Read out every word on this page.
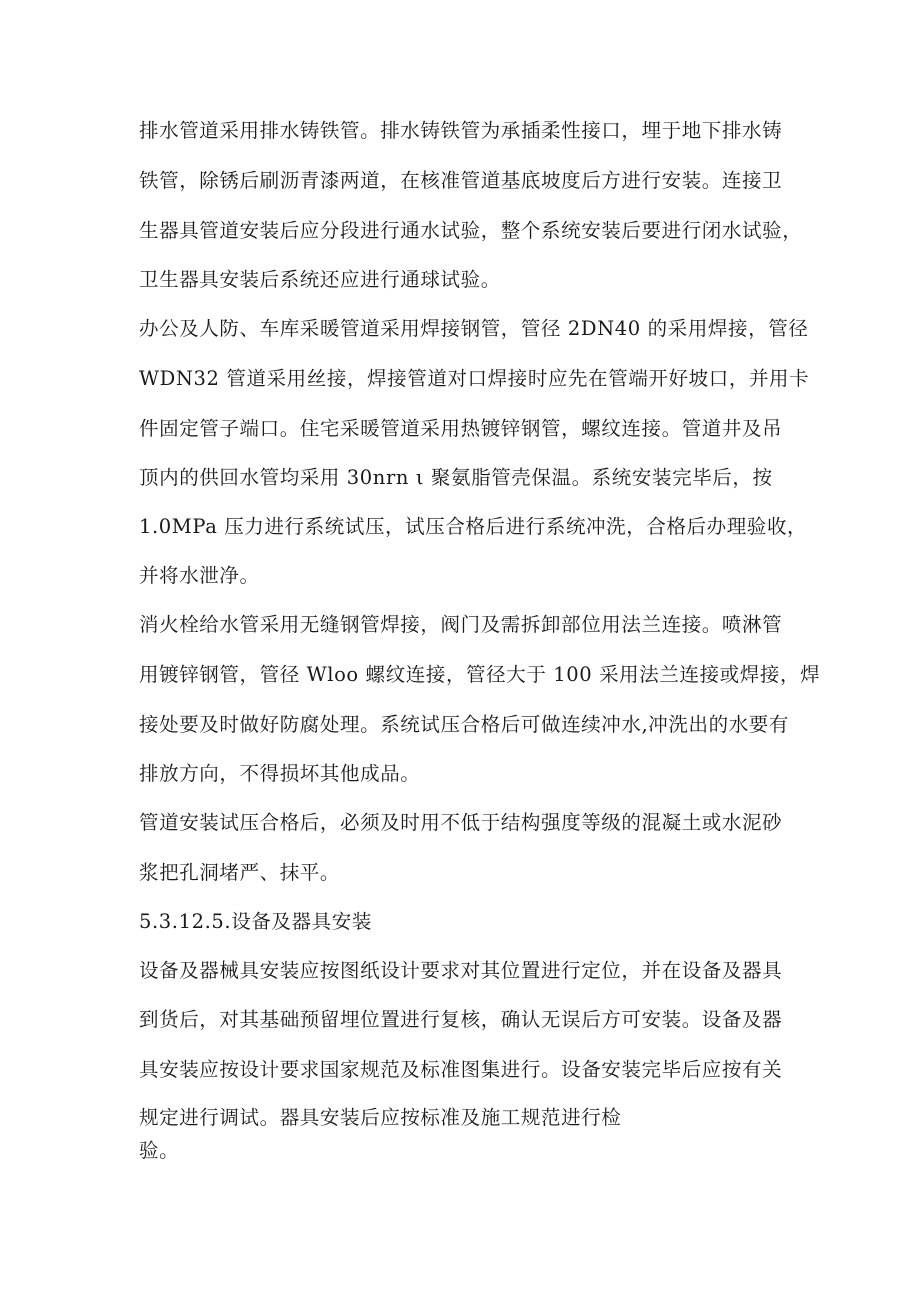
排水管道采用排水铸铁管。排水铸铁管为承插柔性接口，埋于地下排水铸
铁管，除锈后刷沥青漆两道，在核准管道基底坡度后方进行安装。连接卫
生器具管道安装后应分段进行通水试验，整个系统安装后要进行闭水试验，
卫生器具安装后系统还应进行通球试验。
办公及人防、车库采暖管道采用焊接钢管，管径 2DN40 的采用焊接，管径
WDN32 管道采用丝接，焊接管道对口焊接时应先在管端开好坡口，并用卡
件固定管子端口。住宅采暖管道采用热镀锌钢管，螺纹连接。管道井及吊
顶内的供回水管均采用 30nrn ι 聚氨脂管壳保温。系统安装完毕后，按
1.0MPa 压力进行系统试压，试压合格后进行系统冲洗，合格后办理验收，
并将水泄净。
消火栓给水管采用无缝钢管焊接，阀门及需拆卸部位用法兰连接。喷淋管
用镀锌钢管，管径 Wloo 螺纹连接，管径大于 100 采用法兰连接或焊接，焊
接处要及时做好防腐处理。系统试压合格后可做连续冲水,冲洗出的水要有
排放方向，不得损坏其他成品。
管道安装试压合格后，必须及时用不低于结构强度等级的混凝土或水泥砂
浆把孔洞堵严、抹平。
5.3.12.5.设备及器具安装
设备及器械具安装应按图纸设计要求对其位置进行定位，并在设备及器具
到货后，对其基础预留埋位置进行复核，确认无误后方可安装。设备及器
具安装应按设计要求国家规范及标准图集进行。设备安装完毕后应按有关
规定进行调试。器具安装后应按标准及施工规范进行检
验。
